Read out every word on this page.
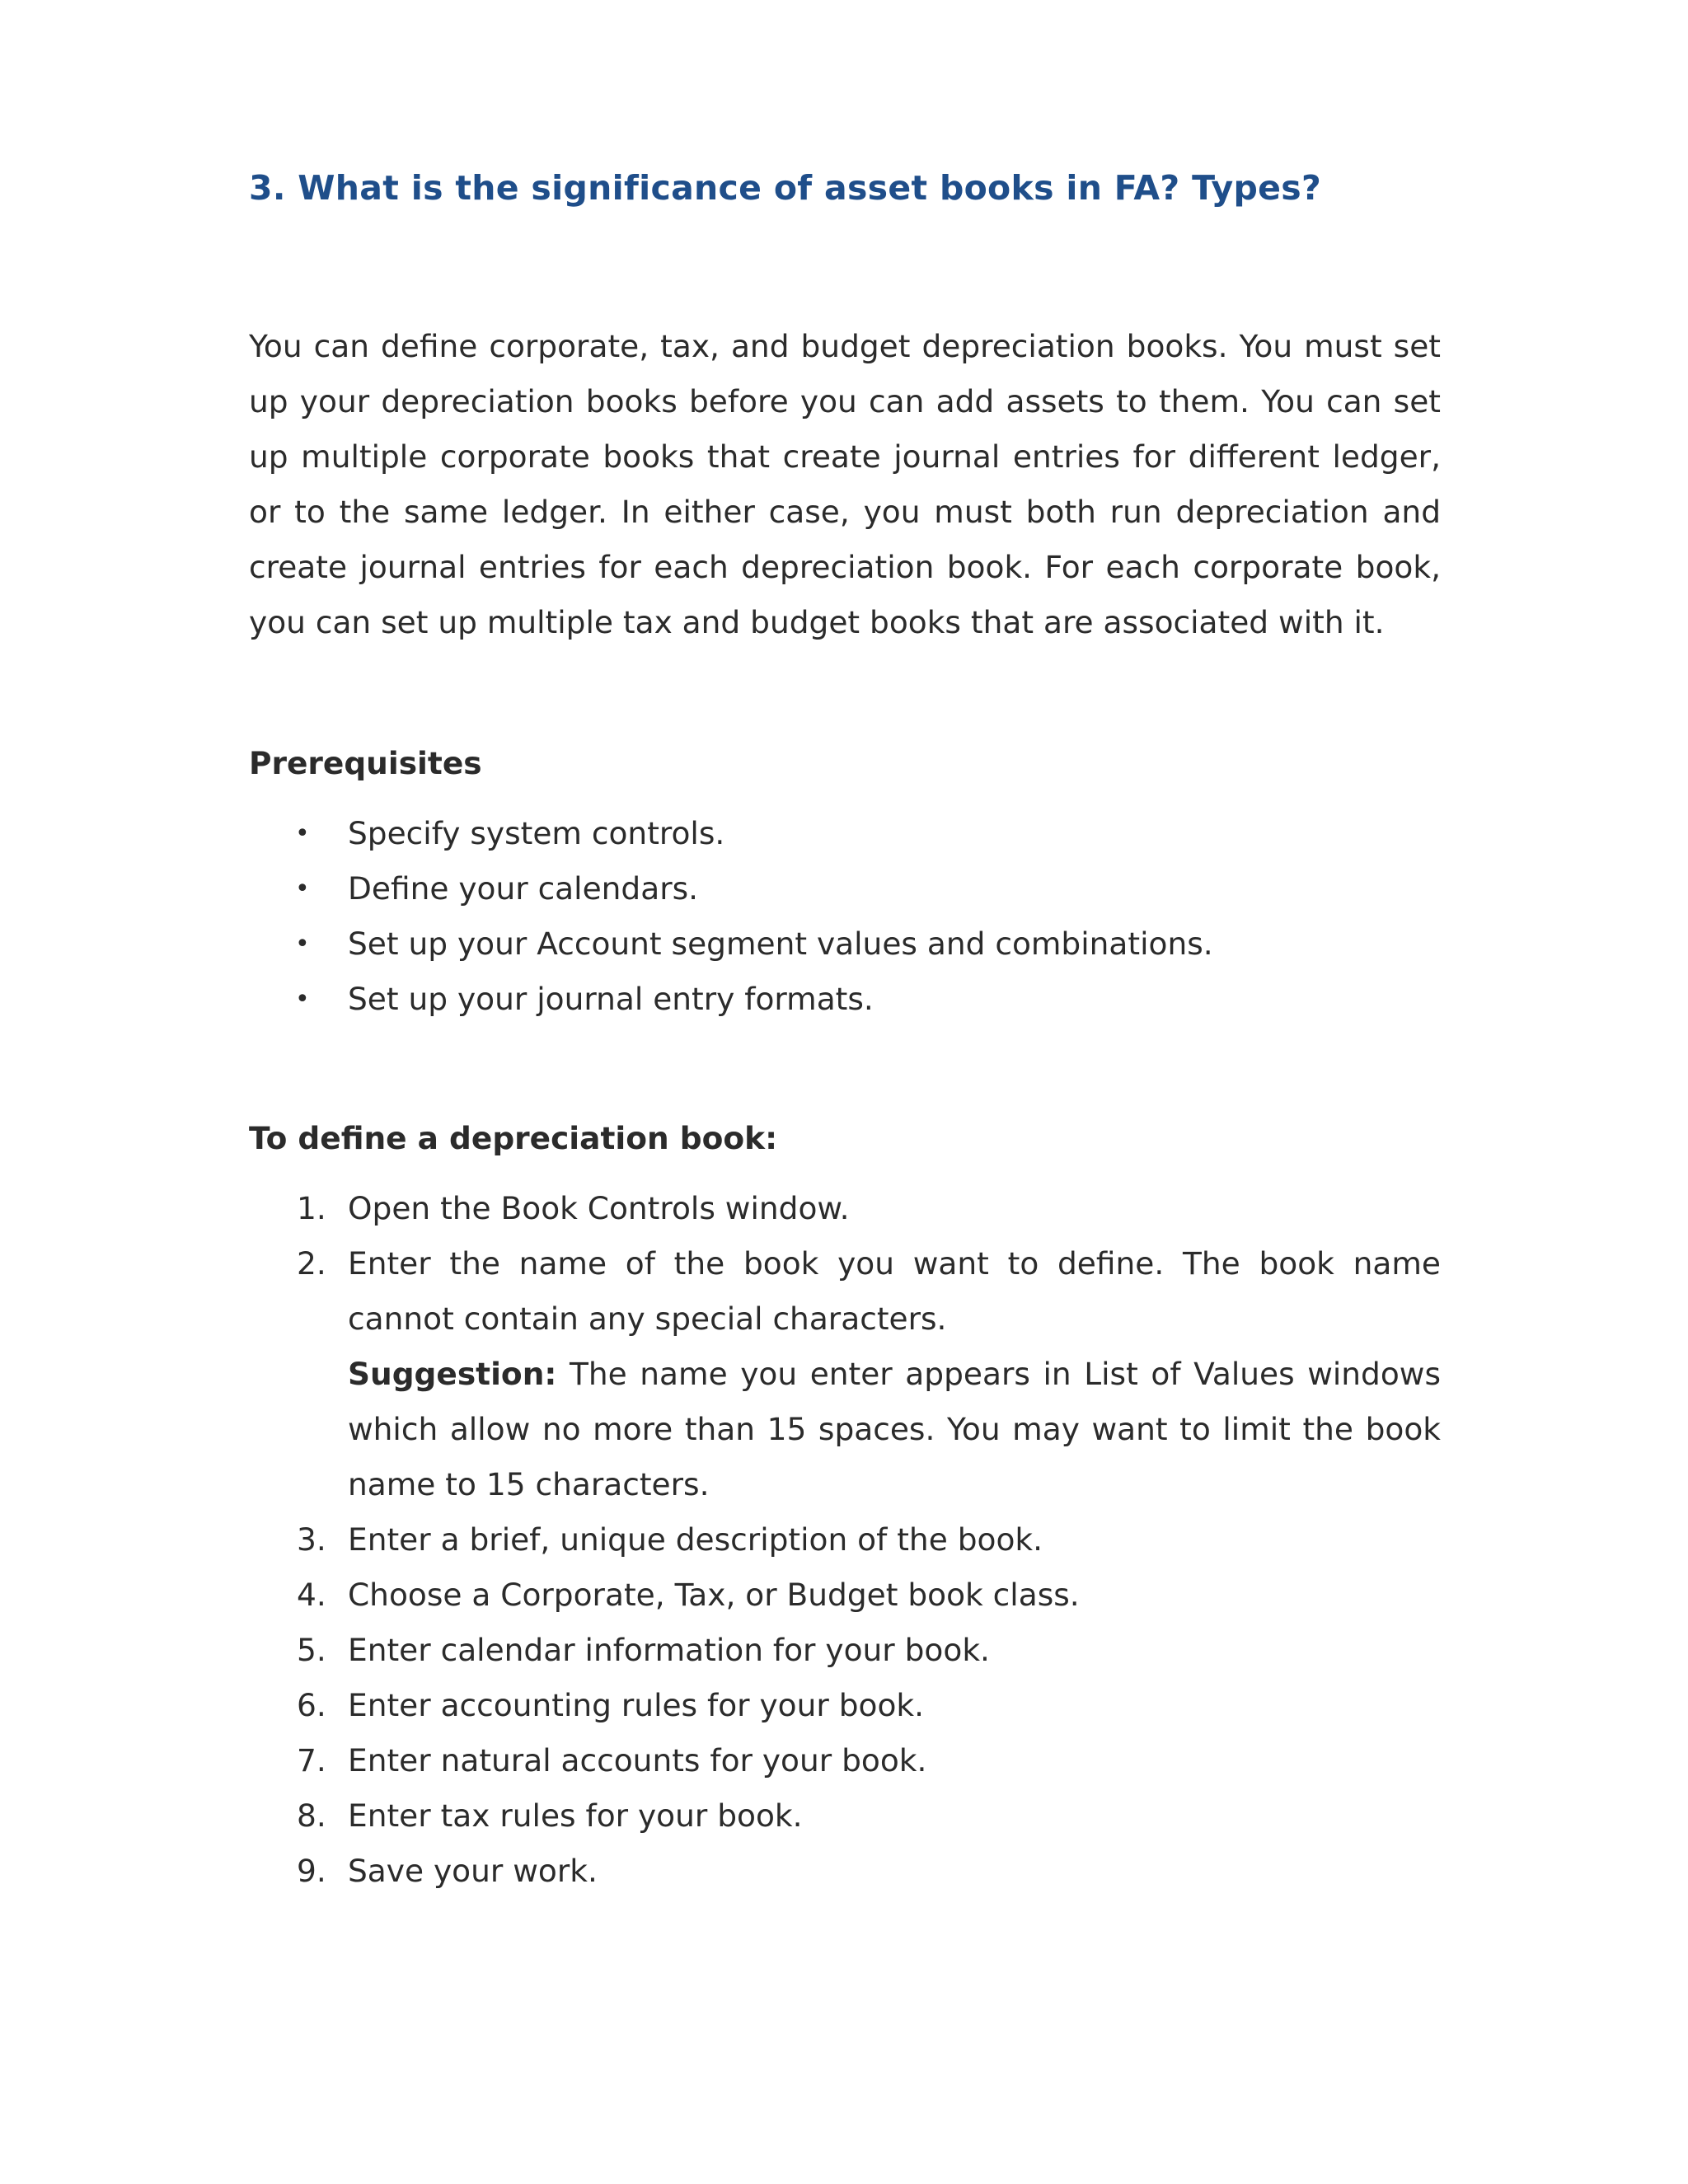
3. What is the significance of asset books in FA? Types?

You can define corporate, tax, and budget depreciation books. You must set up your depreciation books before you can add assets to them. You can set up multiple corporate books that create journal entries for different ledger, or to the same ledger. In either case, you must both run depreciation and create journal entries for each depreciation book. For each corporate book, you can set up multiple tax and budget books that are associated with it.

Prerequisites
• Specify system controls.
• Define your calendars.
• Set up your Account segment values and combinations.
• Set up your journal entry formats.
To define a depreciation book:
1. Open the Book Controls window.
2. Enter the name of the book you want to define. The book name cannot contain any special characters.
Suggestion: The name you enter appears in List of Values windows which allow no more than 15 spaces. You may want to limit the book name to 15 characters.
3. Enter a brief, unique description of the book.
4. Choose a Corporate, Tax, or Budget book class.
5. Enter calendar information for your book.
6. Enter accounting rules for your book.
7. Enter natural accounts for your book.
8. Enter tax rules for your book.
9. Save your work.
